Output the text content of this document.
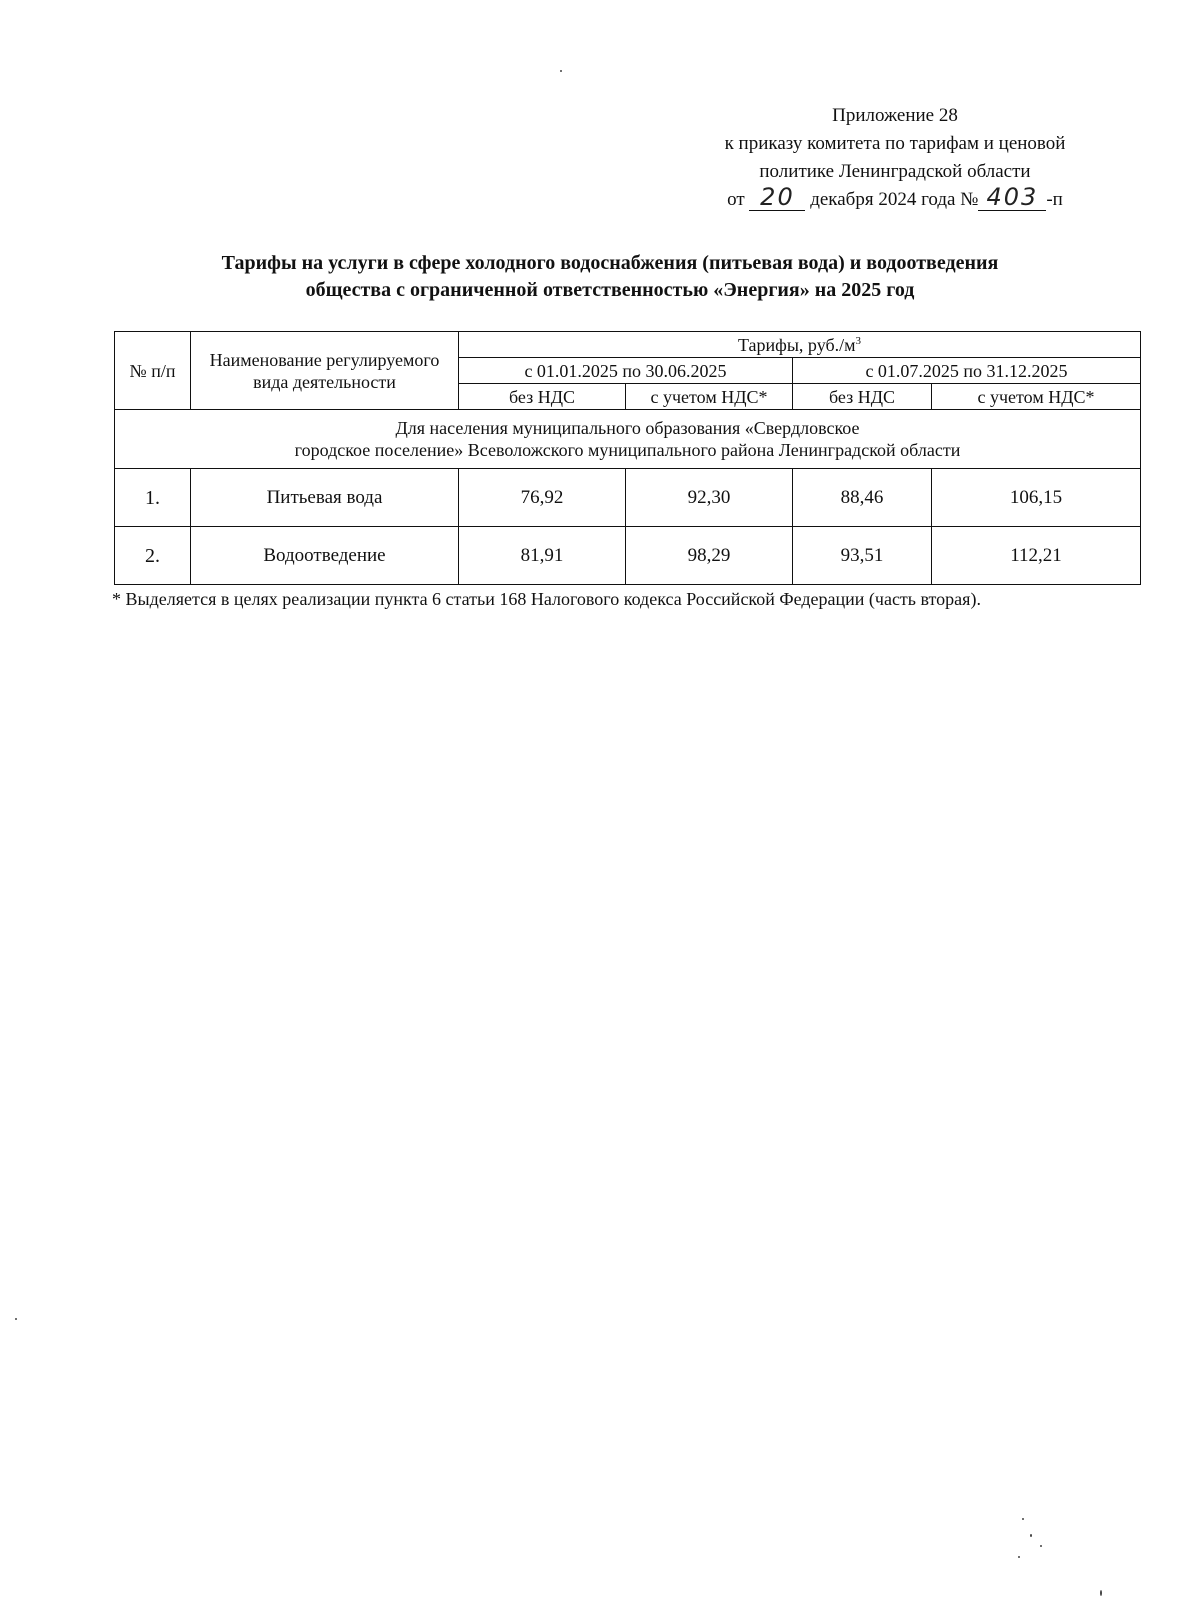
Приложение 28
к приказу комитета по тарифам и ценовой
политике Ленинградской области
от 20 декабря 2024 года № 403 -п
Тарифы на услуги в сфере холодного водоснабжения (питьевая вода) и водоотведения
общества с ограниченной ответственностью «Энергия» на 2025 год
№ п/п	Наименование регулируемого вида деятельности	Тарифы, $руб./м^3$
		с 01.01.2025 по 30.06.2025		с 01.07.2025 по 31.12.2025	
		без НДС	с учетом НДС*	без НДС	с учетом НДС*
Для населения муниципального образования «Свердловское
городское поселение» Всеволожского муниципального района Ленинградской области					
1.	Питьевая вода	76,92	92,30	88,46	106,15
2.	Водоотведение	81,91	98,29	93,51	112,21
* Выделяется в целях реализации пункта 6 статьи 168 Налогового кодекса Российской Федерации (часть вторая).
